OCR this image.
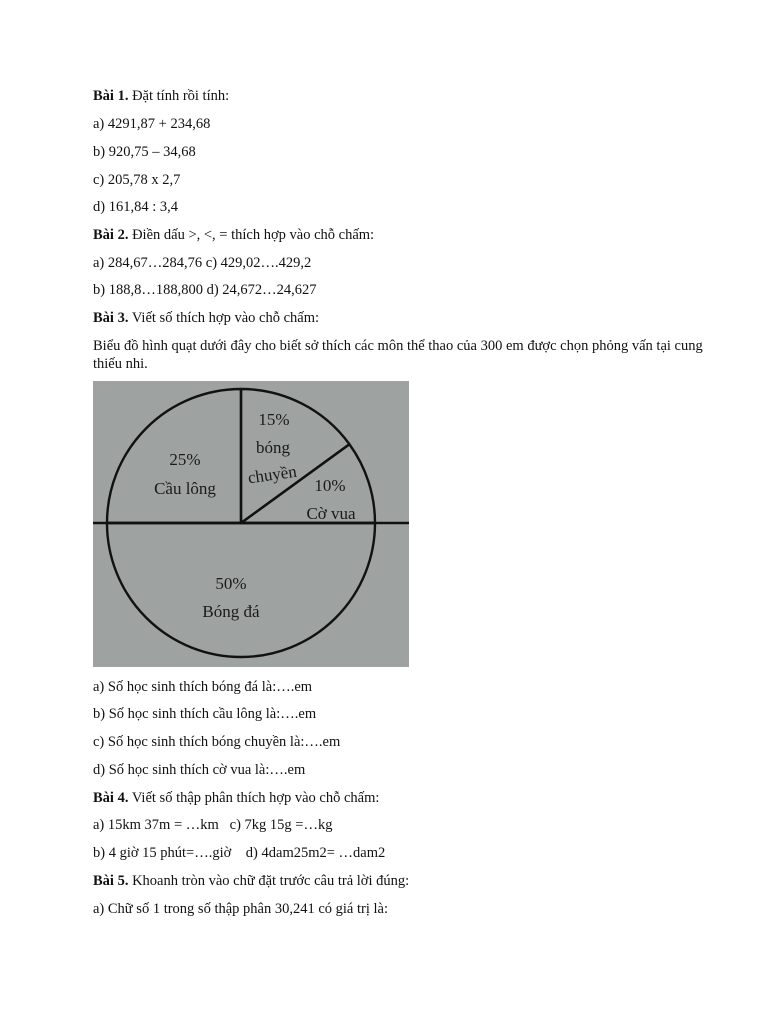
Bài 1. Đặt tính rồi tính:
a) 4291,87 + 234,68
b) 920,75 – 34,68
c) 205,78 x 2,7
d) 161,84 : 3,4
Bài 2. Điền dấu >, <, = thích hợp vào chỗ chấm:
a) 284,67…284,76 c) 429,02….429,2
b) 188,8…188,800 d) 24,672…24,627
Bài 3. Viết số thích hợp vào chỗ chấm:
Biểu đồ hình quạt dưới đây cho biết sở thích các môn thể thao của 300 em được chọn phỏng vấn tại cung thiếu nhi.
50%
Bóng đá
25%
Cầu lông
15%
bóng
chuyền 10%
Cờ vua
a) Số học sinh thích bóng đá là:….em
b) Số học sinh thích cầu lông là:….em
c) Số học sinh thích bóng chuyền là:….em
d) Số học sinh thích cờ vua là:….em
Bài 4. Viết số thập phân thích hợp vào chỗ chấm:
a) 15km 37m = …km   c) 7kg 15g =…kg
b) 4 giờ 15 phút=….giờ    d) 4dam25m2= …dam2
Bài 5. Khoanh tròn vào chữ đặt trước câu trả lời đúng:
a) Chữ số 1 trong số thập phân 30,241 có giá trị là:
